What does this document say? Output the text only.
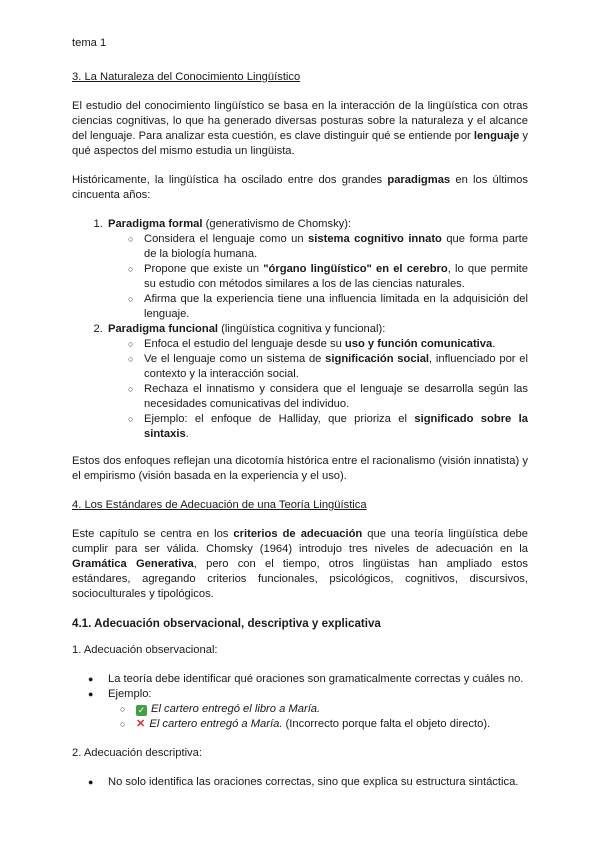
tema 1
3. La Naturaleza del Conocimiento Lingüístico

El estudio del conocimiento lingüístico se basa en la interacción de la lingüística con otras ciencias cognitivas, lo que ha generado diversas posturas sobre la naturaleza y el alcance del lenguaje. Para analizar esta cuestión, es clave distinguir qué se entiende por lenguaje y qué aspectos del mismo estudia un lingüista.

Históricamente, la lingüística ha oscilado entre dos grandes paradigmas en los últimos cincuenta años:

1. Paradigma formal (generativismo de Chomsky):
○ Considera el lenguaje como un sistema cognitivo innato que forma parte de la biología humana.
○ Propone que existe un "órgano lingüístico" en el cerebro, lo que permite su estudio con métodos similares a los de las ciencias naturales.
○ Afirma que la experiencia tiene una influencia limitada en la adquisición del lenguaje.
2. Paradigma funcional (lingüística cognitiva y funcional):
○ Enfoca el estudio del lenguaje desde su uso y función comunicativa.
○ Ve el lenguaje como un sistema de significación social, influenciado por el contexto y la interacción social.
○ Rechaza el innatismo y considera que el lenguaje se desarrolla según las necesidades comunicativas del individuo.
○ Ejemplo: el enfoque de Halliday, que prioriza el significado sobre la sintaxis.

Estos dos enfoques reflejan una dicotomía histórica entre el racionalismo (visión innatista) y el empirismo (visión basada en la experiencia y el uso).

4. Los Estándares de Adecuación de una Teoría Lingüística

Este capítulo se centra en los criterios de adecuación que una teoría lingüística debe cumplir para ser válida. Chomsky (1964) introdujo tres niveles de adecuación en la Gramática Generativa, pero con el tiempo, otros lingüistas han ampliado estos estándares, agregando criterios funcionales, psicológicos, cognitivos, discursivos, socioculturales y tipológicos.

4.1. Adecuación observacional, descriptiva y explicativa

1. Adecuación observacional:

● La teoría debe identificar qué oraciones son gramaticalmente correctas y cuáles no.
● Ejemplo:
○ ✓ El cartero entregó el libro a María.
○ ✕ El cartero entregó a María. (Incorrecto porque falta el objeto directo).

2. Adecuación descriptiva:

● No solo identifica las oraciones correctas, sino que explica su estructura sintáctica.
